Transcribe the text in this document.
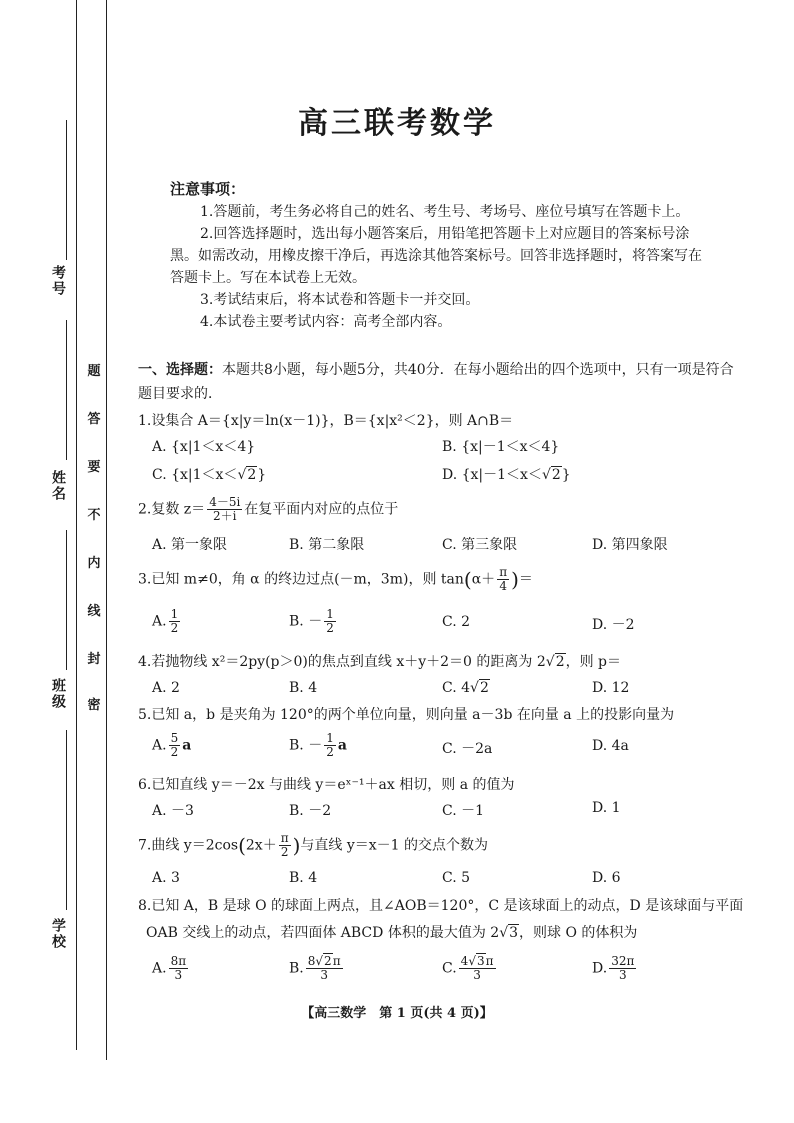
考号
姓名
班级
学校
题
答
要
不
内
线
封
密
高三联考数学
注意事项：

1.答题前，考生务必将自己的姓名、考生号、考场号、座位号填写在答题卡上。

2.回答选择题时，选出每小题答案后，用铅笔把答题卡上对应题目的答案标号涂黑。如需改动，用橡皮擦干净后，再选涂其他答案标号。回答非选择题时，将答案写在答题卡上。写在本试卷上无效。

3.考试结束后，将本试卷和答题卡一并交回。

4.本试卷主要考试内容：高考全部内容。

一、选择题：本题共8小题，每小题5分，共40分．在每小题给出的四个选项中，只有一项是符合题目要求的．
1.设集合 A＝{x|y＝ln(x－1)}，B＝{x|x²＜2}，则 A∩B＝
A. {x|1＜x＜4}	B. {x|－1＜x＜4}
C. {x|1＜x＜√2}	D. {x|－1＜x＜√2}
2.复数 $z= \frac{4-5i}{2+i}$ 在复平面内对应的点位于
A. 第一象限	B. 第二象限	C. 第三象限	D. 第四象限
3.已知 m≠0，角 α 的终边过点(－m，3m)，则 $\tan(\alpha+ \frac{\pi}{4}$ )＝
A. $\frac{1}{2}$	B. － $\frac{1}{2}$	C. 2	D. －2
4.若抛物线 x²＝2py(p＞0)的焦点到直线 x＋y＋2＝0 的距离为 2√2，则 p＝
A. 2	B. 4	C. 4√2	D. 12
5.已知 a，b 是夹角为 120°的两个单位向量，则向量 a－3b 在向量 a 上的投影向量为
A. $\frac{5}{2}$ a	B. － $\frac{1}{2}$ a	C. －2a	D. 4a
6.已知直线 y＝－2x 与曲线 y＝eˣ⁻¹＋ax 相切，则 a 的值为
A. －3	B. －2	C. －1	D. 1
7.曲线 $y=2\cos(2x+ \frac{\pi}{2}$ )与直线 y＝x－1 的交点个数为
A. 3	B. 4	C. 5	D. 6
8.已知 A，B 是球 O 的球面上两点，且∠AOB＝120°，C 是该球面上的动点，D 是该球面与平面
OAB 交线上的动点，若四面体 ABCD 体积的最大值为 2√3，则球 O 的体积为
A. $\frac{8\pi}{3}$	B. $\frac{8√2\pi}{3}$	C. $\frac{4√3\pi}{3}$	D. $\frac{32\pi}{3}$
【高三数学　第 1 页(共 4 页)】
